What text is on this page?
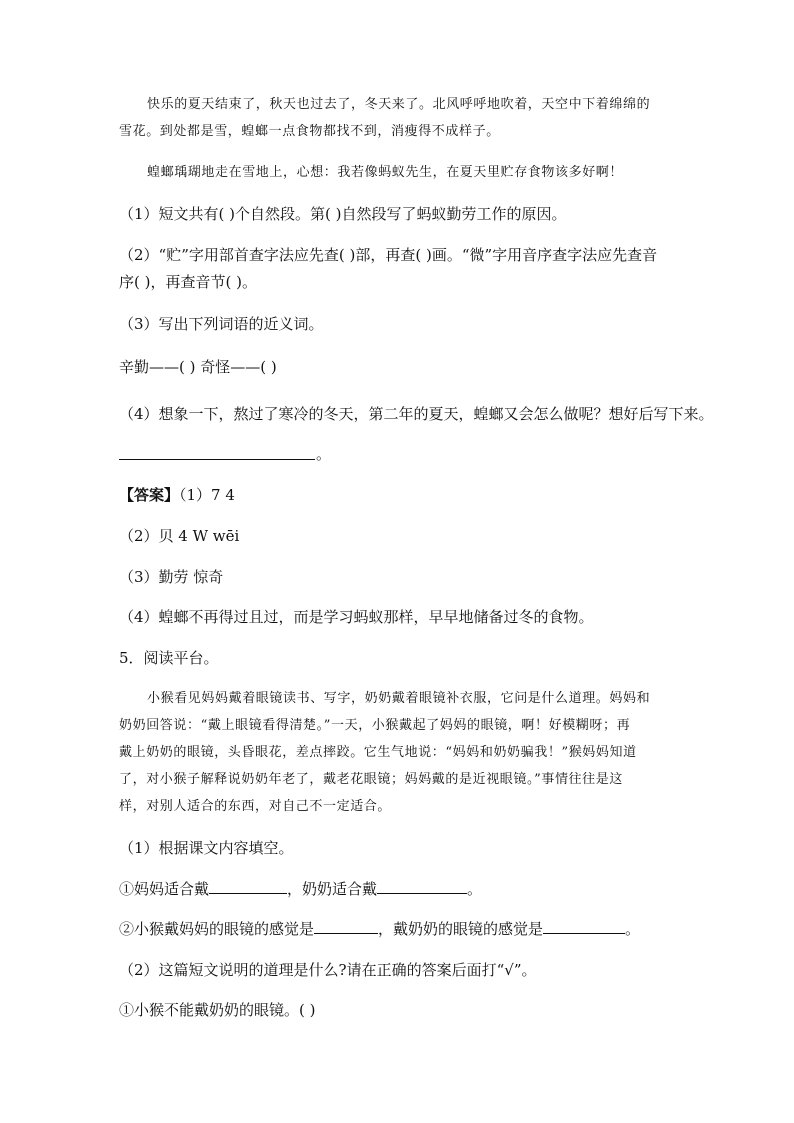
快乐的夏天结束了，秋天也过去了，冬天来了。北风呼呼地吹着，天空中下着绵绵的
雪花。到处都是雪，蝗螂一点食物都找不到，消瘦得不成样子。
蝗螂瑀瑚地走在雪地上，心想：我若像蚂蚁先生，在夏天里贮存食物该多好啊！
（1）短文共有( )个自然段。第( )自然段写了蚂蚁勤劳工作的原因。
（2）“贮”字用部首查字法应先查( )部，再查( )画。“微”字用音序查字法应先查音
序( )，再查音节( )。
（3）写出下列词语的近义词。
辛勤——( ) 奇怪——( )
（4）想象一下，熬过了寒冷的冬天，第二年的夏天，蝗螂又会怎么做呢？想好后写下来。
。
【答案】（1）7 4
（2）贝 4 W wēi
（3）勤劳 惊奇
（4）蝗螂不再得过且过，而是学习蚂蚁那样，早早地储备过冬的食物。
5．阅读平台。
小猴看见妈妈戴着眼镜读书、写字，奶奶戴着眼镜补衣服，它问是什么道理。妈妈和
奶奶回答说：“戴上眼镜看得清楚。”一天，小猴戴起了妈妈的眼镜，啊！好模糊呀；再
戴上奶奶的眼镜，头昏眼花，差点摔跤。它生气地说：“妈妈和奶奶骗我！”猴妈妈知道
了，对小猴子解释说奶奶年老了，戴老花眼镜；妈妈戴的是近视眼镜。”事情往往是这
样，对别人适合的东西，对自己不一定适合。
（1）根据课文内容填空。
①妈妈适合戴	，奶奶适合戴	。
②小猴戴妈妈的眼镜的感觉是	，戴奶奶的眼镜的感觉是	。
（2）这篇短文说明的道理是什么?请在正确的答案后面打“√”。
①小猴不能戴奶奶的眼镜。( )
